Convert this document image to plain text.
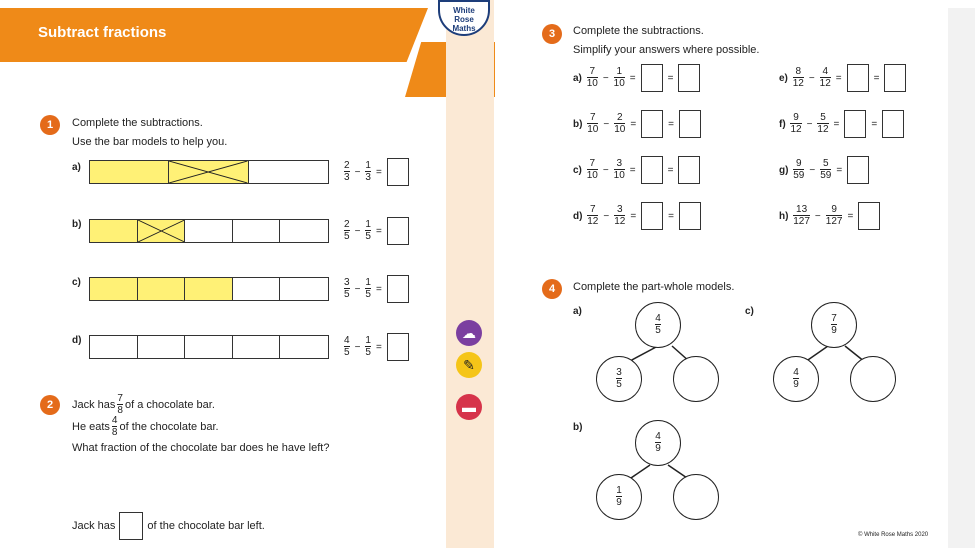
Subtract fractions
White
Rose
Maths
1	Complete the subtractions.
Use the bar models to help you.
a)	$\frac{2}{3} - \frac{1}{3}$ =
b)	$\frac{2}{5} - \frac{1}{5}$ =
c)	$\frac{3}{5} - \frac{1}{5}$ =
d)	$\frac{4}{5} - \frac{1}{5}$ =
2	Jack has $\frac{7}{8}$ of a chocolate bar.
He eats $\frac{4}{8}$ of the chocolate bar.
What fraction of the chocolate bar does he have left?
Jack has	of the chocolate bar left.
☁
✎
▬
3	Complete the subtractions.
Simplify your answers where possible.
a)
$\frac{7}{10} - \frac{1}{10}$ =	=
b)
$\frac{7}{10} - \frac{2}{10}$ =	=
c)
$\frac{7}{10} - \frac{3}{10}$ =	=
d)
$\frac{7}{12} - \frac{3}{12}$ =	=
e)
$\frac{8}{12} - \frac{4}{12}$ =	=
f)
$\frac{9}{12} - \frac{5}{12}$ =	=
g)
$\frac{9}{59} - \frac{5}{59}$ =
h)
$\frac{13}{127} - \frac{9}{127}$ =
4	Complete the part-whole models.
a)
$\frac{4}{5}$
$\frac{3}{5}$
b)
$\frac{4}{9}$
$\frac{1}{9}$
c)
$\frac{7}{9}$
$\frac{4}{9}$
© White Rose Maths 2020
